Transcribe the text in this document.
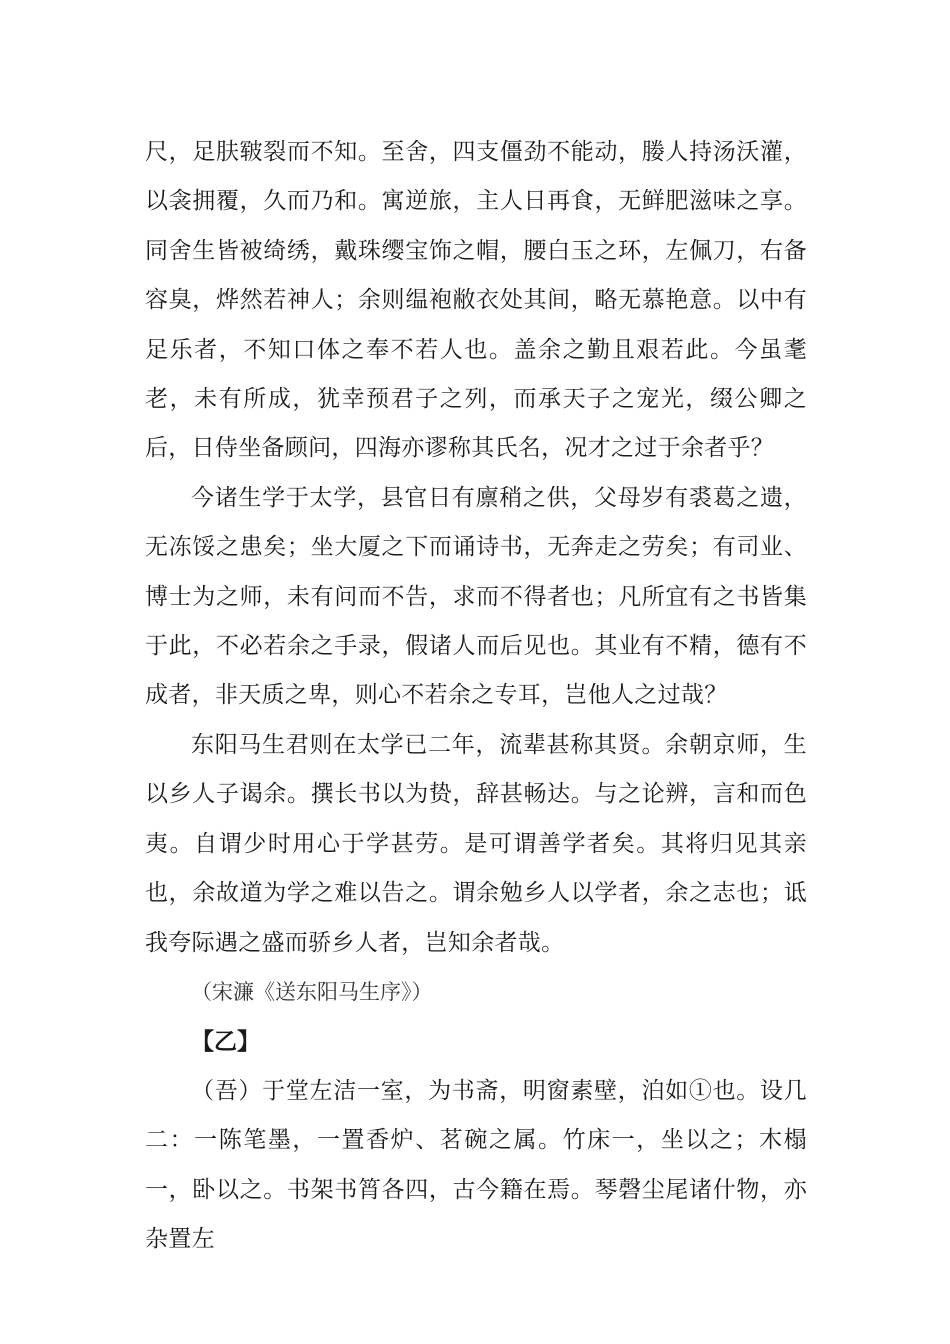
尺，足肤皲裂而不知。至舍，四支僵劲不能动，媵人持汤沃灌，以衾拥覆，久而乃和。寓逆旅，主人日再食，无鲜肥滋味之享。同舍生皆被绮绣，戴珠缨宝饰之帽，腰白玉之环，左佩刀，右备容臭，烨然若神人；余则缊袍敝衣处其间，略无慕艳意。以中有足乐者，不知口体之奉不若人也。盖余之勤且艰若此。今虽耄老，未有所成，犹幸预君子之列，而承天子之宠光，缀公卿之后，日侍坐备顾问，四海亦谬称其氏名，况才之过于余者乎？

今诸生学于太学，县官日有廪稍之供，父母岁有裘葛之遗，无冻馁之患矣；坐大厦之下而诵诗书，无奔走之劳矣；有司业、博士为之师，未有问而不告，求而不得者也；凡所宜有之书皆集于此，不必若余之手录，假诸人而后见也。其业有不精，德有不成者，非天质之卑，则心不若余之专耳，岂他人之过哉？

东阳马生君则在太学已二年，流辈甚称其贤。余朝京师，生以乡人子谒余。撰长书以为贽，辞甚畅达。与之论辨，言和而色夷。自谓少时用心于学甚劳。是可谓善学者矣。其将归见其亲也，余故道为学之难以告之。谓余勉乡人以学者，余之志也；诋我夸际遇之盛而骄乡人者，岂知余者哉。

（宋濂《送东阳马生序》）

【乙】

（吾）于堂左洁一室，为书斋，明窗素壁，泊如①也。设几二：一陈笔墨，一置香炉、茗碗之属。竹床一，坐以之；木榻一，卧以之。书架书筲各四，古今籍在焉。琴磬尘尾诸什物，亦杂置左
